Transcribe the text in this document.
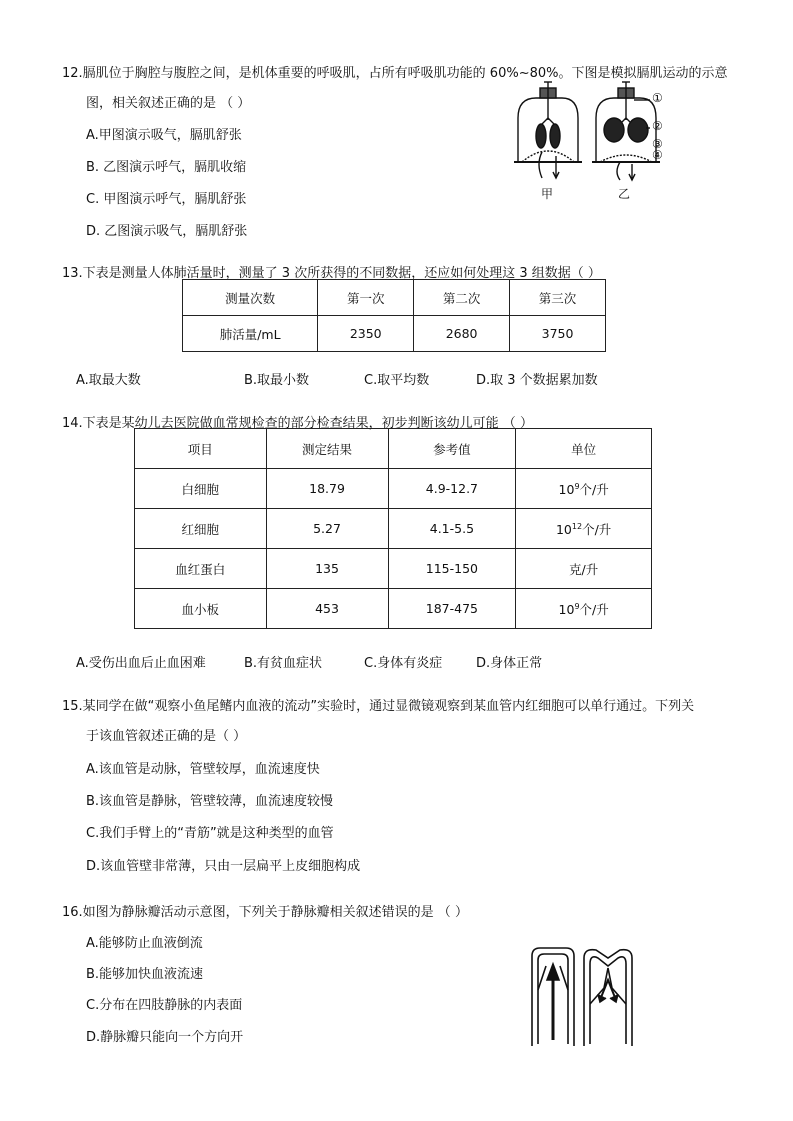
12.膈肌位于胸腔与腹腔之间，是机体重要的呼吸肌，占所有呼吸肌功能的 60%~80%。下图是模拟膈肌运动的示意
图，相关叙述正确的是 （ ）
A.甲图演示吸气，膈肌舒张
B. 乙图演示呼气，膈肌收缩
C. 甲图演示呼气，膈肌舒张
D. 乙图演示吸气，膈肌舒张
①
②
③
④
甲	乙
13.下表是测量人体肺活量时，测量了 3 次所获得的不同数据，还应如何处理这 3 组数据（ ）
测量次数	第一次	第二次	第三次
肺活量/mL	2350	2680	3750
A.取最大数	B.取最小数	C.取平均数	D.取 3 个数据累加数
14.下表是某幼儿去医院做血常规检查的部分检查结果，初步判断该幼儿可能 （ ）
项目	测定结果	参考值	单位
白细胞	18.79	4.9-12.7	$10^9$个/升
红细胞	5.27	4.1-5.5	$10^{12}$个/升
血红蛋白	135	115-150	克/升
血小板	453	187-475	$10^9$个/升
A.受伤出血后止血困难	B.有贫血症状	C.身体有炎症	D.身体正常
15.某同学在做“观察小鱼尾鳍内血液的流动”实验时，通过显微镜观察到某血管内红细胞可以单行通过。下列关
于该血管叙述正确的是（ ）
A.该血管是动脉，管壁较厚，血流速度快
B.该血管是静脉，管壁较薄，血流速度较慢
C.我们手臂上的“青筋”就是这种类型的血管
D.该血管壁非常薄，只由一层扁平上皮细胞构成
16.如图为静脉瓣活动示意图，下列关于静脉瓣相关叙述错误的是 （ ）
A.能够防止血液倒流
B.能够加快血液流速
C.分布在四肢静脉的内表面
D.静脉瓣只能向一个方向开
